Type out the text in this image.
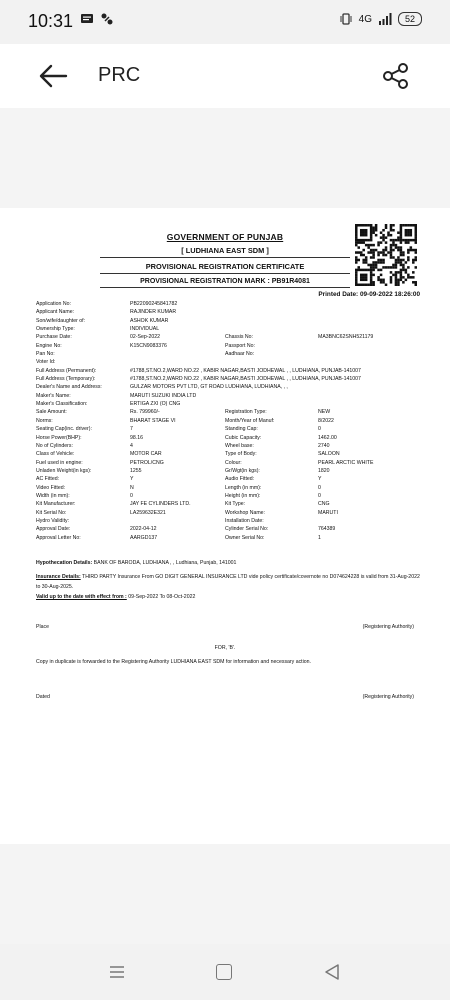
10:31	4G	52
PRC
GOVERNMENT OF PUNJAB
[ LUDHIANA EAST SDM ]
PROVISIONAL REGISTRATION CERTIFICATE
PROVISIONAL REGISTRATION MARK : PB91R4081
Printed Date: 09-09-2022 18:26:00
Application No:	PB22090245841782
Applicant Name:	RAJINDER KUMAR
Son/wife/daughter of:	ASHOK KUMAR
Ownership Type:	INDIVIDUAL
Purchase Date:	02-Sep-2022	Chassis No:	MA3BNC62SNH521179
Engine No:	K15CN9083376	Passport No:
Pan No:	Aadhaar No:
Voter Id:
Full Address (Permanent):	#1788,ST.NO.2,WARD NO.22 , KABIR NAGAR,BASTI JODHEWAL , , LUDHIANA, PUNJAB-141007
Full Address (Temporary):	#1788,ST.NO.2,WARD NO.22 , KABIR NAGAR,BASTI JODHEWAL , , LUDHIANA, PUNJAB-141007
Dealer's Name and Address:	GULZAR MOTORS PVT LTD, GT ROAD LUDHIANA, LUDHIANA, , ,
Maker's Name:	MARUTI SUZUKI INDIA LTD
Maker's Classification:	ERTIGA ZXI (O) CNG
Sale Amount:	Rs. 799960/-	Registration Type:	NEW
Norms:	BHARAT STAGE VI	Month/Year of Manuf:	8/2022
Seating Cap(inc. driver):	7	Standing Cap:	0
Horse Power(BHP):	98.16	Cubic Capacity:	1462.00
No of Cylinders:	4	Wheel base:	2740
Class of Vehicle:	MOTOR CAR	Type of Body:	SALOON
Fuel used in engine:	PETROL/CNG	Colour:	PEARL ARCTIC WHITE
Unladen Weight(in kgs):	1255	Gr/Wgt(in kgs):	1820
AC Fitted:	Y	Audio Fitted:	Y
Video Fitted:	N	Length (in mm):	0
Width (in mm):	0	Height (in mm):	0
Kit Manufacturer:	JAY FE CYLINDERS LTD.	Kit Type:	CNG
Kit Serial No:	LA259632E321	Workshop Name:	MARUTI
Hydro Validity:	Installation Date:
Approval Date:	2022-04-12	Cylinder Serial No:	764389
Approval Letter No:	AARGD137	Owner Serial No:	1
Hypothecation Details: BANK OF BARODA, LUDHIANA , , Ludhiana, Punjab, 141001
Insurance Details: THIRD PARTY Insurance From GO DIGIT GENERAL INSURANCE LTD vide policy certificate/covernote no D074624228 is valid from 31-Aug-2022 to 30-Aug-2025.
Valid up to the date with effect from : 09-Sep-2022 To 08-Oct-2022
Place	(Registering Authority)
FOR, 'B'.
Copy in duplicate is forwarded to the Registering Authority LUDHIANA EAST SDM for information and necessary action.
Dated	(Registering Authority)
